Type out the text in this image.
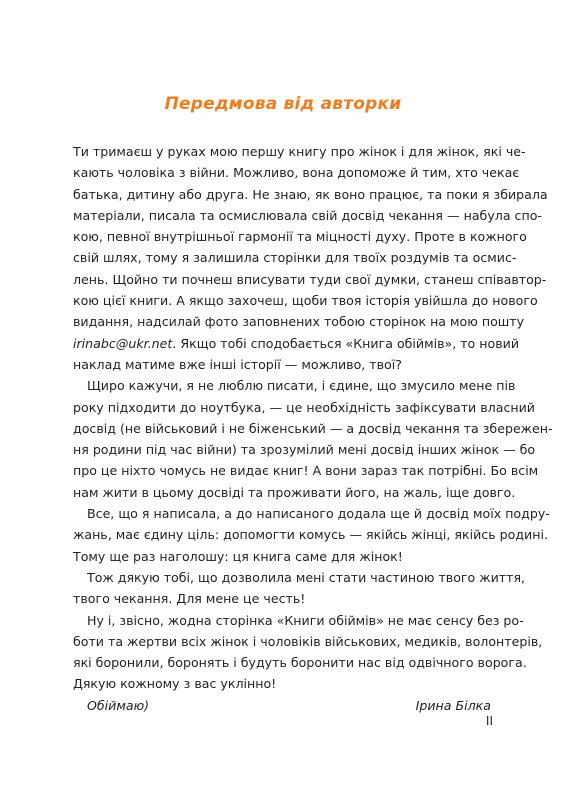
Передмова від авторки
Ти тримаєш у руках мою першу книгу про жінок і для жінок, які че-
кають чоловіка з війни. Можливо, вона допоможе й тим, хто чекає
батька, дитину або друга. Не знаю, як воно працює, та поки я збирала
матеріали, писала та осмислювала свій досвід чекання — набула спо-
кою, певної внутрішньої гармонії та міцності духу. Проте в кожного
свій шлях, тому я залишила сторінки для твоїх роздумів та осмис-
лень. Щойно ти почнеш вписувати туди свої думки, станеш співавтор-
кою цієї книги. А якщо захочеш, щоби твоя історія увійшла до нового
видання, надсилай фото заповнених тобою сторінок на мою пошту
irinabc@ukr.net. Якщо тобі сподобається «Книга обіймів», то новий
наклад матиме вже інші історії — можливо, твої?
Щиро кажучи, я не люблю писати, і єдине, що змусило мене пів
року підходити до ноутбука, — це необхідність зафіксувати власний
досвід (не військовий і не біженський — а досвід чекання та збережен-
ня родини під час війни) та зрозумілий мені досвід інших жінок — бо
про це ніхто чомусь не видає книг! А вони зараз так потрібні. Бо всім
нам жити в цьому досвіді та проживати його, на жаль, іще довго.
Все, що я написала, а до написаного додала ще й досвід моїх подру-
жань, має єдину ціль: допомогти комусь — якійсь жінці, якійсь родині.
Тому ще раз наголошу: ця книга саме для жінок!
Тож дякую тобі, що дозволила мені стати частиною твого життя,
твого чекання. Для мене це честь!
Ну і, звісно, жодна сторінка «Книги обіймів» не має сенсу без ро-
боти та жертви всіх жінок і чоловіків військових, медиків, волонтерів,
які боронили, боронять і будуть боронити нас від одвічного ворога.
Дякую кожному з вас уклінно!
Обіймаю)	Ірина Білка
II
